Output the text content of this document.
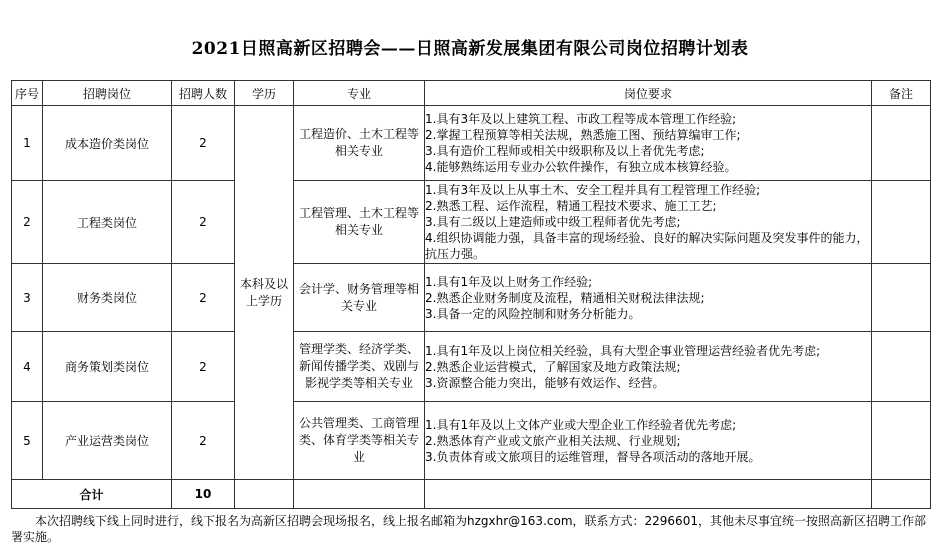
2021日照高新区招聘会——日照高新发展集团有限公司岗位招聘计划表
序号	招聘岗位	招聘人数	学历	专业	岗位要求	备注
1	成本造价类岗位	2	本科及以上学历	工程造价、土木工程等相关专业	1.具有3年及以上建筑工程、市政工程等成本管理工作经验;
2.掌握工程预算等相关法规，熟悉施工图、预结算编审工作;
3.具有造价工程师或相关中级职称及以上者优先考虑;
4.能够熟练运用专业办公软件操作，有独立成本核算经验。	

2	工程类岗位	2		工程管理、土木工程等相关专业	1.具有3年及以上从事土木、安全工程并具有工程管理工作经验;
2.熟悉工程、运作流程，精通工程技术要求、施工工艺;
3.具有二级以上建造师或中级工程师者优先考虑;
4.组织协调能力强，具备丰富的现场经验、良好的解决实际问题及突发事件的能力，抗压力强。	

3	财务类岗位	2		会计学、财务管理等相关专业	1.具有1年及以上财务工作经验;
2.熟悉企业财务制度及流程，精通相关财税法律法规;
3.具备一定的风险控制和财务分析能力。	

4	商务策划类岗位	2		管理学类、经济学类、新闻传播学类、戏剧与影视学类等相关专业	1.具有1年及以上岗位相关经验，具有大型企事业管理运营经验者优先考虑;
2.熟悉企业运营模式，了解国家及地方政策法规;
3.资源整合能力突出，能够有效运作、经营。	

5	产业运营类岗位	2		公共管理类、工商管理类、体育学类等相关专业	1.具有1年及以上文体产业或大型企业工作经验者优先考虑;
2.熟悉体育产业或文旅产业相关法规、行业规划;
3.负责体育或文旅项目的运维管理，督导各项活动的落地开展。	

合计		10				
本次招聘线下线上同时进行，线下报名为高新区招聘会现场报名，线上报名邮箱为hzgxhr@163.com，联系方式：2296601，其他未尽事宜统一按照高新区招聘工作部署实施。
